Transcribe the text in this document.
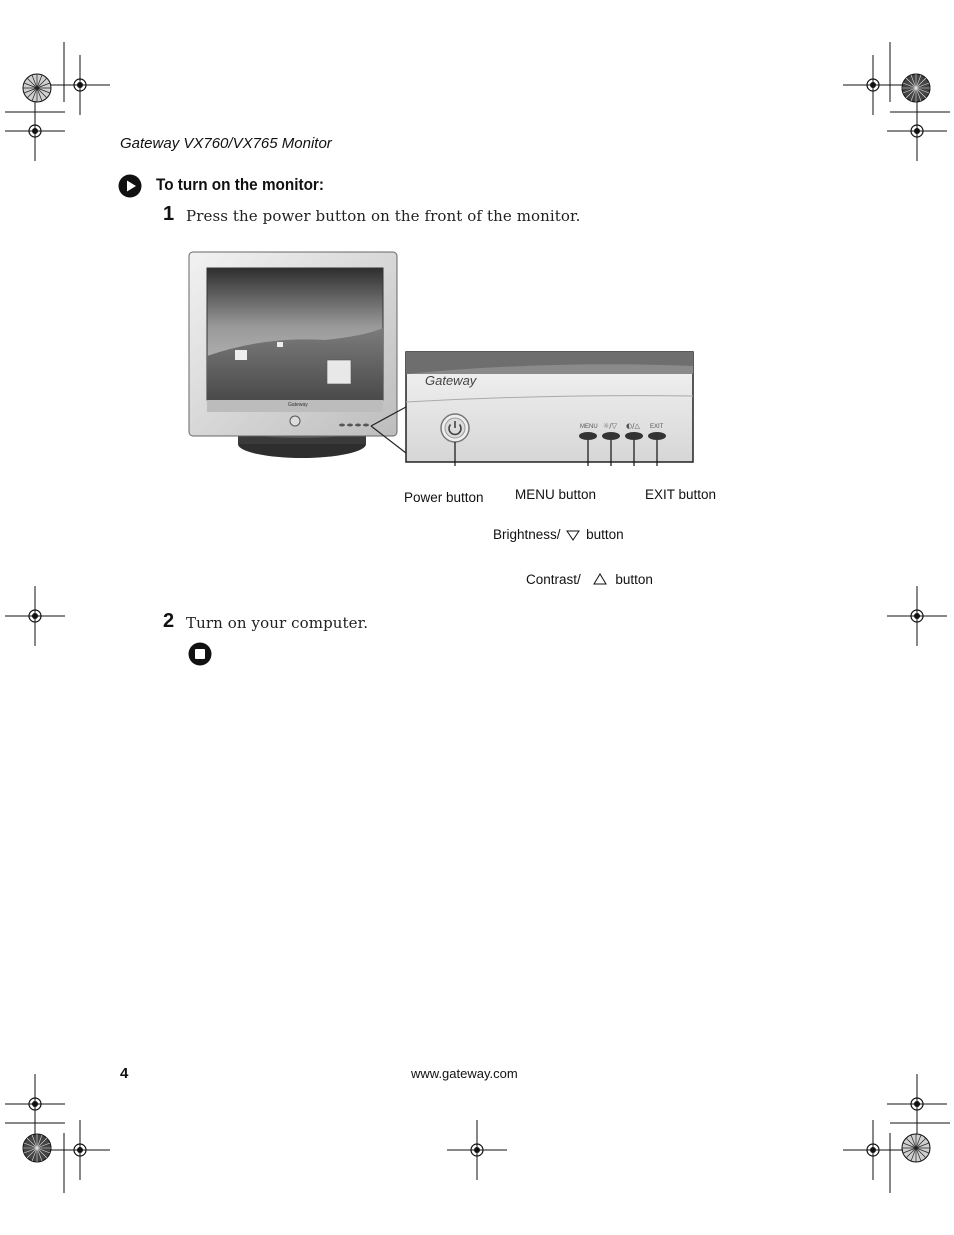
Gateway VX760/VX765 Monitor
To turn on the monitor:
1 Press the power button on the front of the monitor.
Gateway
Gateway
MENU ☼/▽ ◐/△ EXIT
Power button MENU button	EXIT button
Brightness/ button
Contrast/	button
2 Turn on your computer.
4	www.gateway.com
